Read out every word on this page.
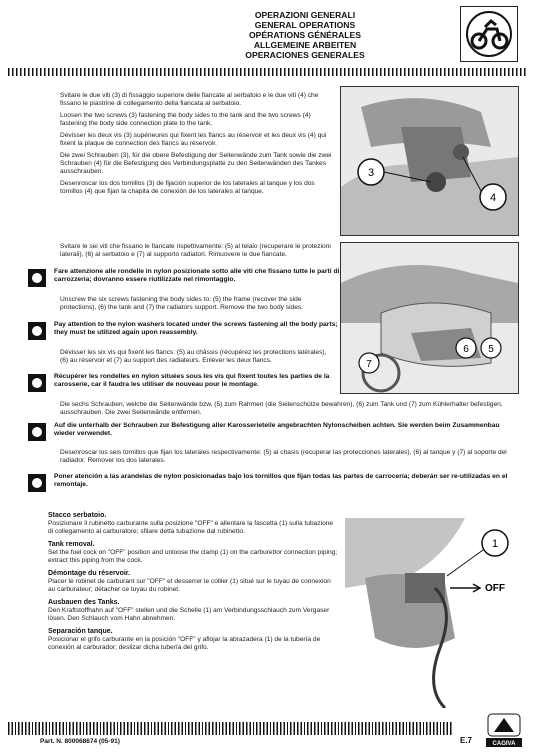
OPERAZIONI GENERALI
GENERAL OPERATIONS
OPÉRATIONS GÉNÉRALES
ALLGEMEINE ARBEITEN
OPERACIONES GENERALES

Svitare le due viti (3) di fissaggio superiore delle fiancate al serbatoio e le due viti (4) che fissano le piastrine di collegamento della fiancata al serbatoio.

Loosen the two screws (3) fastening the body sides to the tank and the two screws (4) fastening the body side connection plate to the tank.

Dévisser les deux vis (3) supérieures qui fixent les flancs au réservoir et les deux vis (4) qui fixent la plaque de connection des flancs au réservoir.

Die zwei Schrauben (3), für die obere Befestigung der Seitenwände zum Tank sowie die zwei Schrauben (4) für die Befestigung des Verbindungsplatte zu den Seitenwänden des Tankes ausschrauben.

Desenroscar los dos tornillos (3) de fijación superior de los laterales al tanque y los dos tornillos (4) que fijan la chapita de conexión de los laterales al tanque.

3
4

Svitare le sei viti che fissano le fiancate rispettivamente: (5) al telaio (recuperare le protezioni laterali), (6) al serbatoio e (7) al supporto radiatori. Rimuovere le due fiancate.

Fare attenzione alle rondelle in nylon posizionate sotto alle viti che fissano tutte le parti di carrozzeria; dovranno essere riutilizzate nel rimontaggio.

Unscrew the six screws fastening the body sides to: (5) the frame (recover the side protections), (6) the tank and (7) the radiators support. Remove the two body sides.

Pay attention to the nylon washers located under the screws fastening all the body parts; they must be utilized again upon reassembly.

Dévisser les six vis qui fixent les flancs: (5) au châssis (récupérez les protections latérales), (6) au réservoir et (7) au support des radiateurs. Enlever les deux flancs.

Récupérer les rondelles en nylon situées sous les vis qui fixent toutes les parties de la carosserie, car il faudra les utiliser de nouveau pour le montage.

Die sechs Schrauben, welche die Seitenwände bzw. (5) zum Rahmen (die Seitenschütze bewahren), (6) zum Tank und (7) zum Kühlerhalter befestigen, ausschrauben. Die zwei Seitenwände entfernen.

Auf die unterhalb der Schrauben zur Befestigung aller Karosserieteile angebrachten Nylonscheiben achten. Sie werden beim Zusammenbau wieder verwendet.

Desenroscar los seis tornillos que fijan los laterales respectivamente: (5) al chasis (recuperar las protecciones laterales), (6) al tanque y (7) al soporte del radiador. Remover los dos laterales.

Poner atención a las arandelas de nylon posicionadas bajo los tornillos que fijan todas las partes de carrocería; deberán ser re-utilizadas en el remontaje.
6 5
7
Stacco serbatoio.

Posizionare il rubinetto carburante sulla posizione "OFF" e allentare la fascetta (1) sulla tubazione di collegamento al carburatore; sfilare detta tubazione dal rubinetto.

Tank removal.

Set the fuel cock on "OFF" position and unloose the clamp (1) on the carburettor connection piping; extract this piping from the cock.

Démontage du réservoir.

Placer le robinet de carburant sur "OFF" et desserrer le collier (1) situé sur le tuyau de connexion au carburateur; détacher ce tuyau du robinet.

Ausbauen des Tanks.

Den Kraftstoffhahn auf "OFF" stellen und die Schelle (1) am Verbindungsschlauch zum Vergaser lösen. Den Schlauch vom Hahn abnehmen.

Separación tanque.

Posicionar el grifo carburante en la posición "OFF" y aflojar la abrazadera (1) de la tubería de conexión al carburador; deslizar dicha tubería del grifo.

1
OFF
Part. N. 800068674 (05-91)	E.7	CAGIVA
